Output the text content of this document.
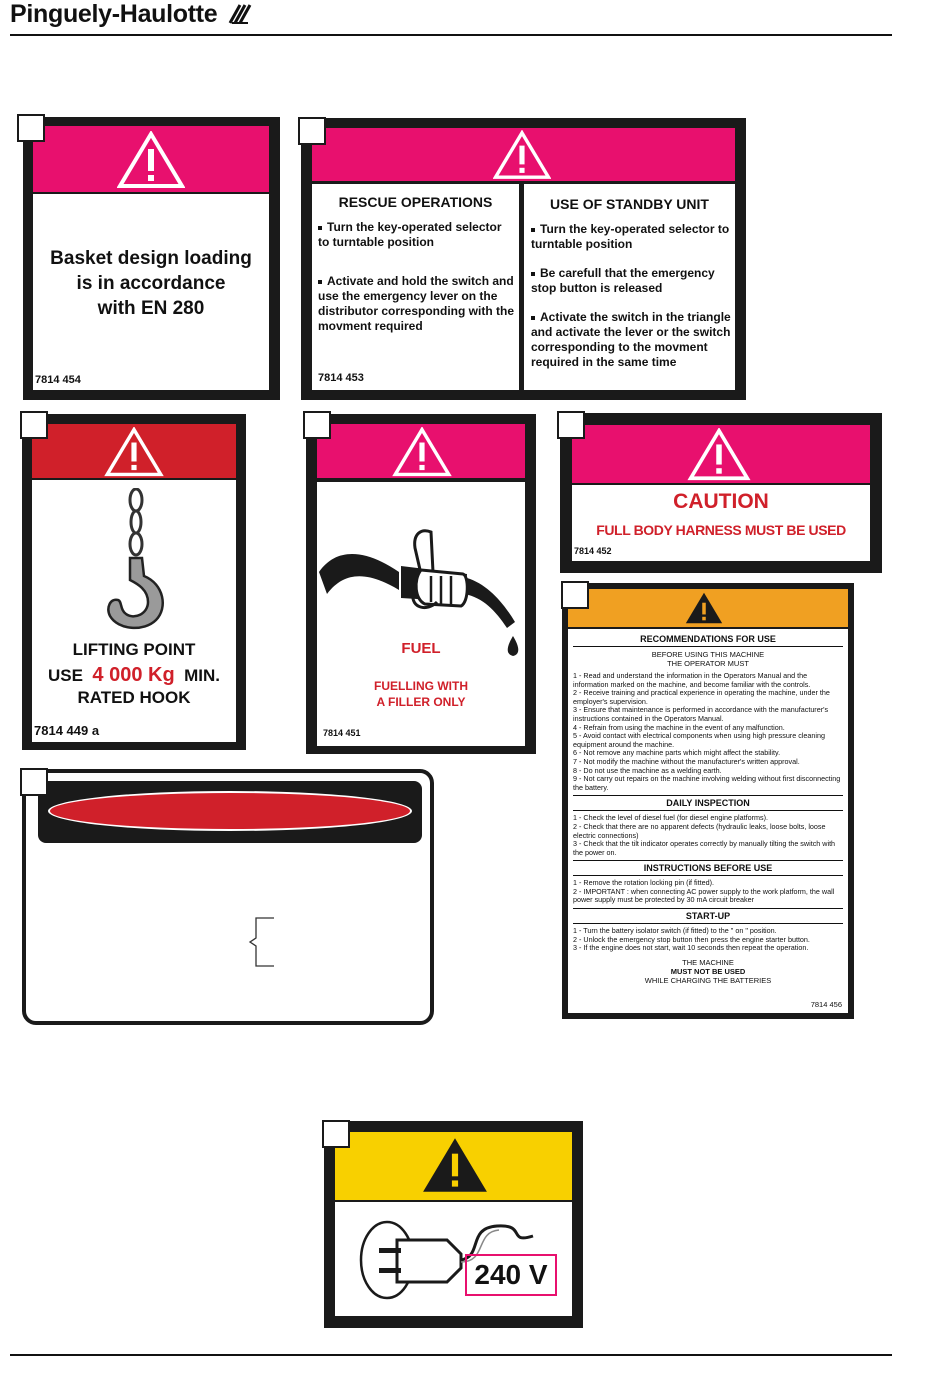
Pinguely-Haulotte
Basket design loading
is in accordance
with EN 280
7814 454
RESCUE OPERATIONS

Turn the key-operated selector to turntable position

Activate and hold the switch and use the emergency lever on the distributor corresponding with the movment required

7814 453
USE OF STANDBY UNIT

Turn the key-operated selector to turntable position

Be carefull that the emergency stop button is released

Activate the switch in the triangle and activate the lever or the switch corresponding to the movment required in the same time

LIFTING POINT
USE 4 000 Kg MIN.
RATED HOOK
7814 449 a
FUEL
FUELLING WITH
A FILLER ONLY
7814 451
CAUTION
FULL BODY HARNESS MUST BE USED
7814 452
RECOMMENDATIONS FOR USE
BEFORE USING THIS MACHINE
THE OPERATOR MUST

1 - Read and understand the information in the Operators Manual and the information marked on the machine, and become familiar with the controls.

2 - Receive training and practical experience in operating the machine, under the employer's supervision.

3 - Ensure that maintenance is performed in accordance with the manufacturer's instructions contained in the Operators Manual.

4 - Refrain from using the machine in the event of any malfunction.

5 - Avoid contact with electrical components when using high pressure cleaning equipment around the machine.

6 - Not remove any machine parts which might affect the stability.

7 - Not modify the machine without the manufacturer's written approval.

8 - Do not use the machine as a welding earth.

9 - Not carry out repairs on the machine involving welding without first disconnecting the battery.

DAILY INSPECTION

1 - Check the level of diesel fuel (for diesel engine platforms).

2 - Check that there are no apparent defects (hydraulic leaks, loose bolts, loose electric connections)

3 - Check that the tilt indicator operates correctly by manually tilting the switch with the power on.

INSTRUCTIONS BEFORE USE

1 - Remove the rotation locking pin (if fitted).

2 - IMPORTANT : when connecting AC power supply to the work platform, the wall power supply must be protected by 30 mA circuit breaker

START-UP

1 - Turn the battery isolator switch (if fitted) to the " on " position.

2 - Unlock the emergency stop button then press the engine starter button.

3 - If the engine does not start, wait 10 seconds then repeat the operation.

THE MACHINE
MUST NOT BE USED
WHILE CHARGING THE BATTERIES
7814 456
240 V
